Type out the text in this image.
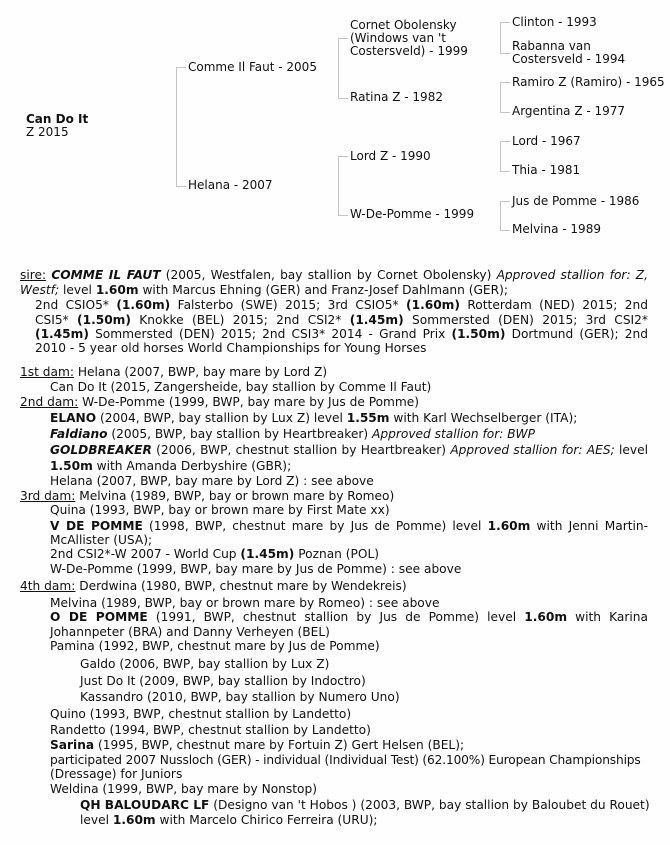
Can Do It
Z 2015
Comme Il Faut - 2005
Helana - 2007
Cornet Obolensky (Windows van 't Costersveld) - 1999
Ratina Z - 1982
Lord Z - 1990
W-De-Pomme - 1999
Clinton - 1993
Rabanna van Costersveld - 1994
Ramiro Z (Ramiro) - 1965
Argentina Z - 1977
Lord - 1967
Thia - 1981
Jus de Pomme - 1986
Melvina - 1989
sire: COMME IL FAUT (2005, Westfalen, bay stallion by Cornet Obolensky) Approved stallion for: Z,
Westf; level 1.60m with Marcus Ehning (GER) and Franz-Josef Dahlmann (GER);
2nd CSIO5* (1.60m) Falsterbo (SWE) 2015; 3rd CSIO5* (1.60m) Rotterdam (NED) 2015; 2nd
CSI5* (1.50m) Knokke (BEL) 2015; 2nd CSI2* (1.45m) Sommersted (DEN) 2015; 3rd CSI2*
(1.45m) Sommersted (DEN) 2015; 2nd CSI3* 2014 - Grand Prix (1.50m) Dortmund (GER); 2nd
2010 - 5 year old horses World Championships for Young Horses
1st dam: Helana (2007, BWP, bay mare by Lord Z)
Can Do It (2015, Zangersheide, bay stallion by Comme Il Faut)
2nd dam: W-De-Pomme (1999, BWP, bay mare by Jus de Pomme)
ELANO (2004, BWP, bay stallion by Lux Z) level 1.55m with Karl Wechselberger (ITA);
Faldiano (2005, BWP, bay stallion by Heartbreaker) Approved stallion for: BWP
GOLDBREAKER (2006, BWP, chestnut stallion by Heartbreaker) Approved stallion for: AES; level
1.50m with Amanda Derbyshire (GBR);
Helana (2007, BWP, bay mare by Lord Z) : see above
3rd dam: Melvina (1989, BWP, bay or brown mare by Romeo)
Quina (1993, BWP, bay or brown mare by First Mate xx)
V DE POMME (1998, BWP, chestnut mare by Jus de Pomme) level 1.60m with Jenni Martin-
McAllister (USA);
2nd CSI2*-W 2007 - World Cup (1.45m) Poznan (POL)
W-De-Pomme (1999, BWP, bay mare by Jus de Pomme) : see above
4th dam: Derdwina (1980, BWP, chestnut mare by Wendekreis)
Melvina (1989, BWP, bay or brown mare by Romeo) : see above
O DE POMME (1991, BWP, chestnut stallion by Jus de Pomme) level 1.60m with Karina
Johannpeter (BRA) and Danny Verheyen (BEL)
Pamina (1992, BWP, chestnut mare by Jus de Pomme)
Galdo (2006, BWP, bay stallion by Lux Z)
Just Do It (2009, BWP, bay stallion by Indoctro)
Kassandro (2010, BWP, bay stallion by Numero Uno)
Quino (1993, BWP, chestnut stallion by Landetto)
Randetto (1994, BWP, chestnut stallion by Landetto)
Sarina (1995, BWP, chestnut mare by Fortuin Z) Gert Helsen (BEL);
participated 2007 Nussloch (GER) - individual (Individual Test) (62.100%) European Championships
(Dressage) for Juniors
Weldina (1999, BWP, bay mare by Nonstop)
QH BALOUDARC LF (Designo van 't Hobos ) (2003, BWP, bay stallion by Baloubet du Rouet)
level 1.60m with Marcelo Chirico Ferreira (URU);
